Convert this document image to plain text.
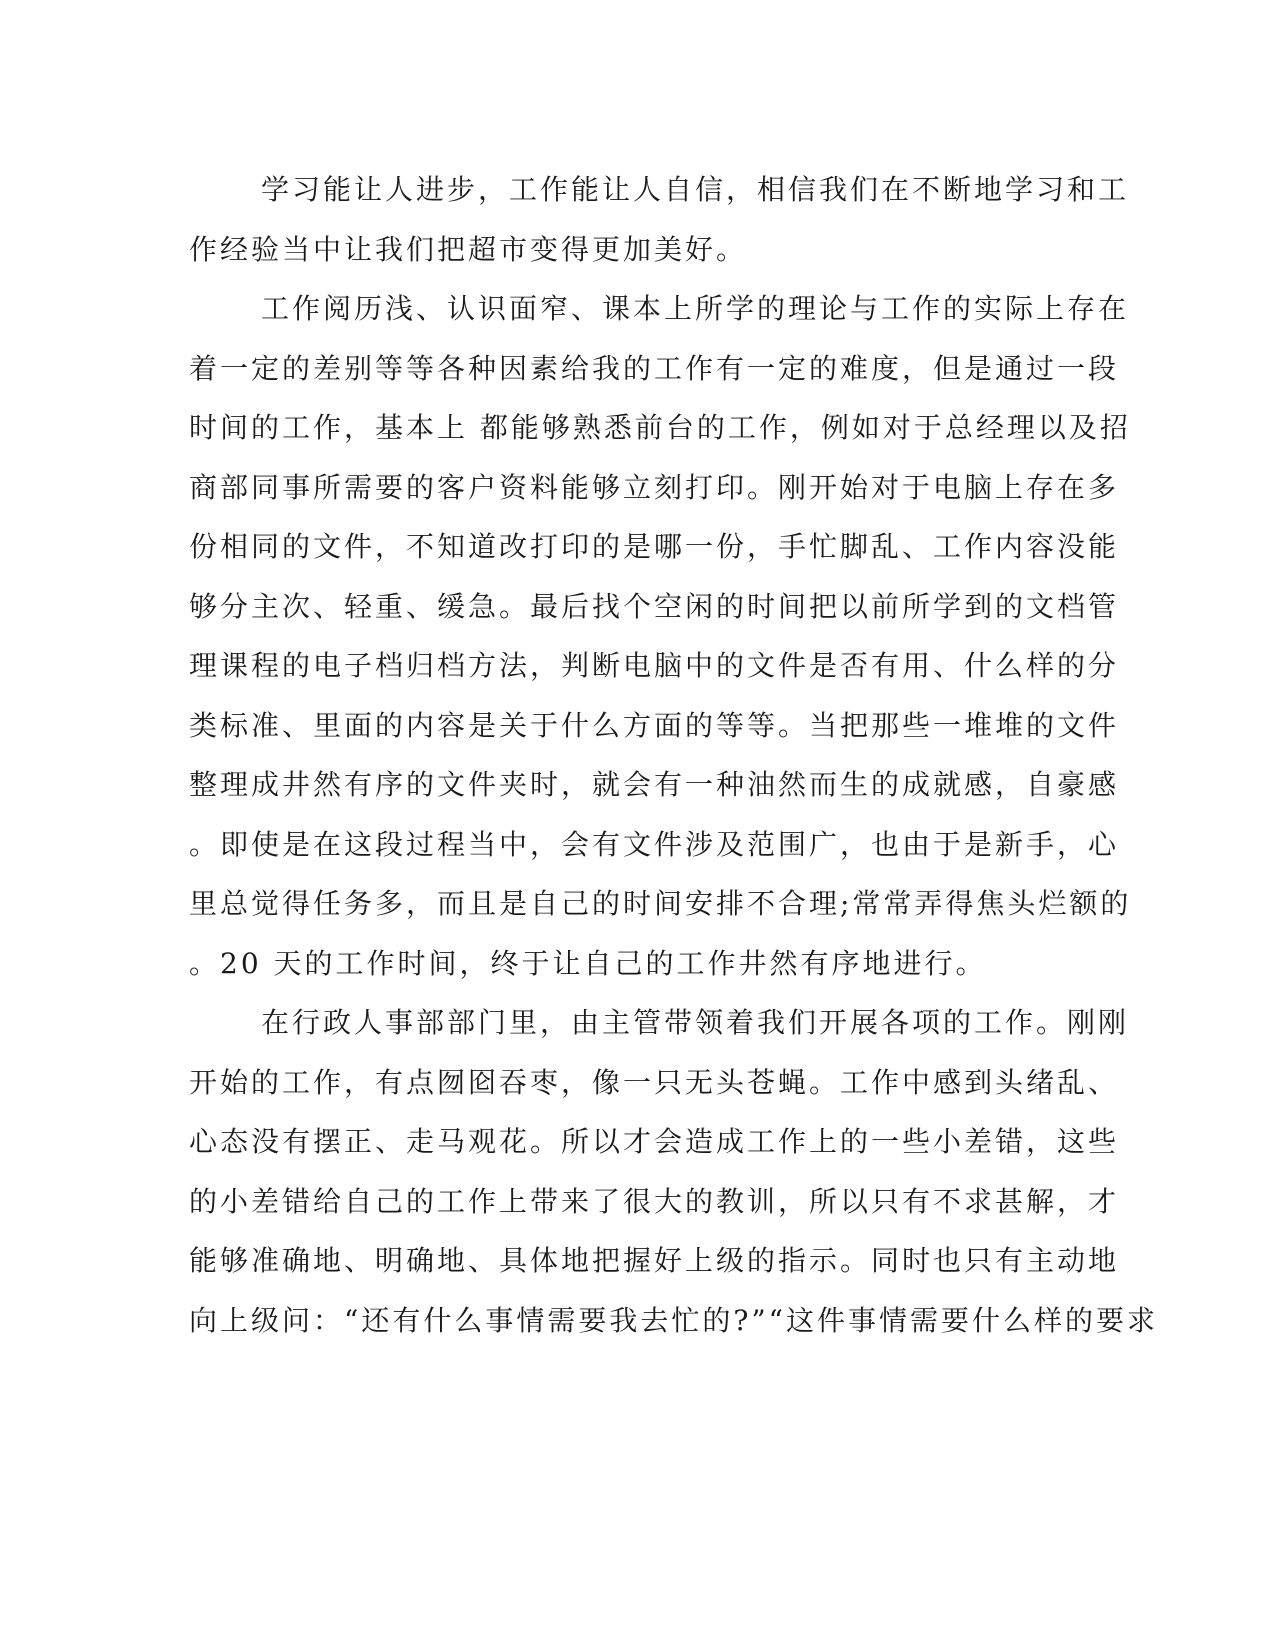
学习能让人进步，工作能让人自信，相信我们在不断地学习和工
作经验当中让我们把超市变得更加美好。
工作阅历浅、认识面窄、课本上所学的理论与工作的实际上存在
着一定的差别等等各种因素给我的工作有一定的难度，但是通过一段
时间的工作，基本上 都能够熟悉前台的工作，例如对于总经理以及招
商部同事所需要的客户资料能够立刻打印。刚开始对于电脑上存在多
份相同的文件，不知道改打印的是哪一份，手忙脚乱、工作内容没能
够分主次、轻重、缓急。最后找个空闲的时间把以前所学到的文档管
理课程的电子档归档方法，判断电脑中的文件是否有用、什么样的分
类标准、里面的内容是关于什么方面的等等。当把那些一堆堆的文件
整理成井然有序的文件夹时，就会有一种油然而生的成就感，自豪感
。即使是在这段过程当中，会有文件涉及范围广，也由于是新手，心
里总觉得任务多，而且是自己的时间安排不合理;常常弄得焦头烂额的
。20 天的工作时间，终于让自己的工作井然有序地进行。
在行政人事部部门里，由主管带领着我们开展各项的工作。刚刚
开始的工作，有点囫囵吞枣，像一只无头苍蝇。工作中感到头绪乱、
心态没有摆正、走马观花。所以才会造成工作上的一些小差错，这些
的小差错给自己的工作上带来了很大的教训，所以只有不求甚解，才
能够准确地、明确地、具体地把握好上级的指示。同时也只有主动地
向上级问：“还有什么事情需要我去忙的?”“这件事情需要什么样的要求
